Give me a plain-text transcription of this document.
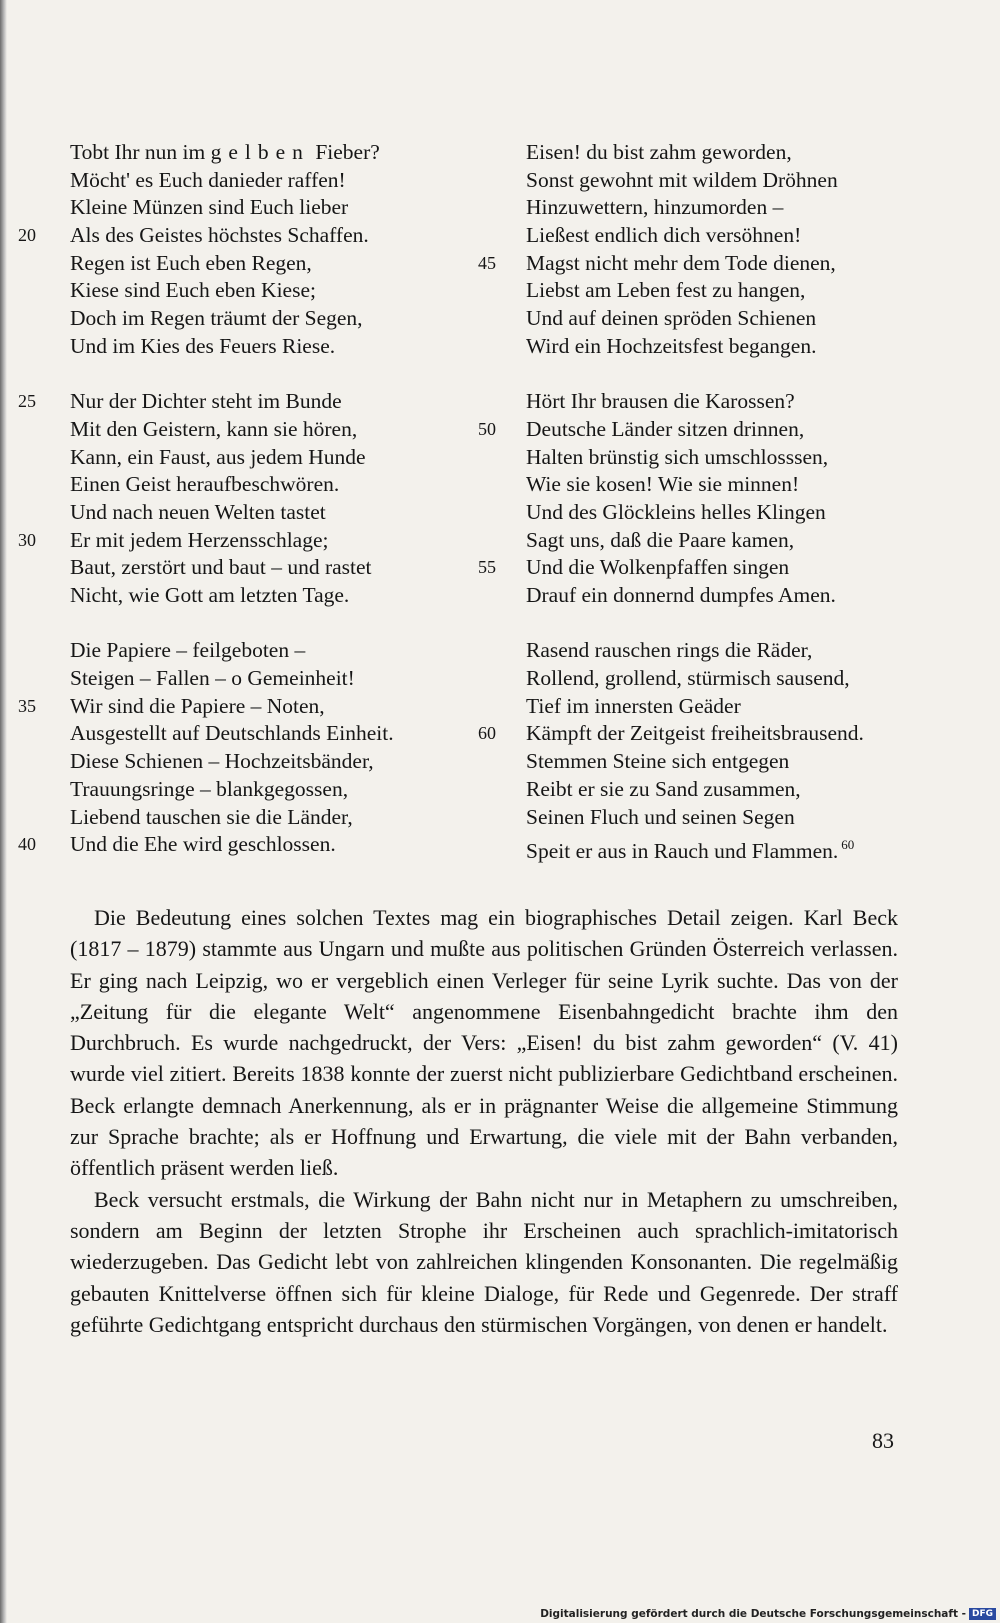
Tobt Ihr nun im gelben Fieber?
Möcht' es Euch danieder raffen!
Kleine Münzen sind Euch lieber
20 Als des Geistes höchstes Schaffen.
Regen ist Euch eben Regen,
Kiese sind Euch eben Kiese;
Doch im Regen träumt der Segen,
Und im Kies des Feuers Riese.
25 Nur der Dichter steht im Bunde
Mit den Geistern, kann sie hören,
Kann, ein Faust, aus jedem Hunde
Einen Geist heraufbeschwören.
Und nach neuen Welten tastet
30 Er mit jedem Herzensschlage;
Baut, zerstört und baut – und rastet
Nicht, wie Gott am letzten Tage.
Die Papiere – feilgeboten –
Steigen – Fallen – o Gemeinheit!
35 Wir sind die Papiere – Noten,
Ausgestellt auf Deutschlands Einheit.
Diese Schienen – Hochzeitsbänder,
Trauungsringe – blankgegossen,
Liebend tauschen sie die Länder,
40 Und die Ehe wird geschlossen.
Eisen! du bist zahm geworden,
Sonst gewohnt mit wildem Dröhnen
Hinzuwettern, hinzumorden –
Ließest endlich dich versöhnen!
45 Magst nicht mehr dem Tode dienen,
Liebst am Leben fest zu hangen,
Und auf deinen spröden Schienen
Wird ein Hochzeitsfest begangen.
Hört Ihr brausen die Karossen?
50 Deutsche Länder sitzen drinnen,
Halten brünstig sich umschlosssen,
Wie sie kosen! Wie sie minnen!
Und des Glöckleins helles Klingen
Sagt uns, daß die Paare kamen,
55 Und die Wolkenpfaffen singen
Drauf ein donnernd dumpfes Amen.
Rasend rauschen rings die Räder,
Rollend, grollend, stürmisch sausend,
Tief im innersten Geäder
60 Kämpft der Zeitgeist freiheitsbrausend.
Stemmen Steine sich entgegen
Reibt er sie zu Sand zusammen,
Seinen Fluch und seinen Segen
Speit er aus in Rauch und Flammen. $^{60}$

Die Bedeutung eines solchen Textes mag ein biographisches Detail zeigen. Karl Beck (1817 – 1879) stammte aus Ungarn und mußte aus politischen Gründen Österreich verlassen. Er ging nach Leipzig, wo er vergeblich einen Verleger für seine Lyrik suchte. Das von der „Zeitung für die elegante Welt“ angenommene Eisenbahngedicht brachte ihm den Durchbruch. Es wurde nachgedruckt, der Vers: „Eisen! du bist zahm geworden“ (V. 41) wurde viel zitiert. Bereits 1838 konnte der zuerst nicht publizierbare Gedichtband erscheinen. Beck erlangte demnach Anerkennung, als er in prägnanter Weise die allgemeine Stimmung zur Sprache brachte; als er Hoffnung und Erwartung, die viele mit der Bahn verbanden, öffentlich präsent werden ließ.

Beck versucht erstmals, die Wirkung der Bahn nicht nur in Metaphern zu umschreiben, sondern am Beginn der letzten Strophe ihr Erscheinen auch sprachlich-imitatorisch wiederzugeben. Das Gedicht lebt von zahlreichen klingenden Konsonanten. Die regelmäßig gebauten Knittelverse öffnen sich für kleine Dialoge, für Rede und Gegenrede. Der straff geführte Gedichtgang entspricht durchaus den stürmischen Vorgängen, von denen er handelt.

83
Digitalisierung gefördert durch die Deutsche Forschungsgemeinschaft - DFG
